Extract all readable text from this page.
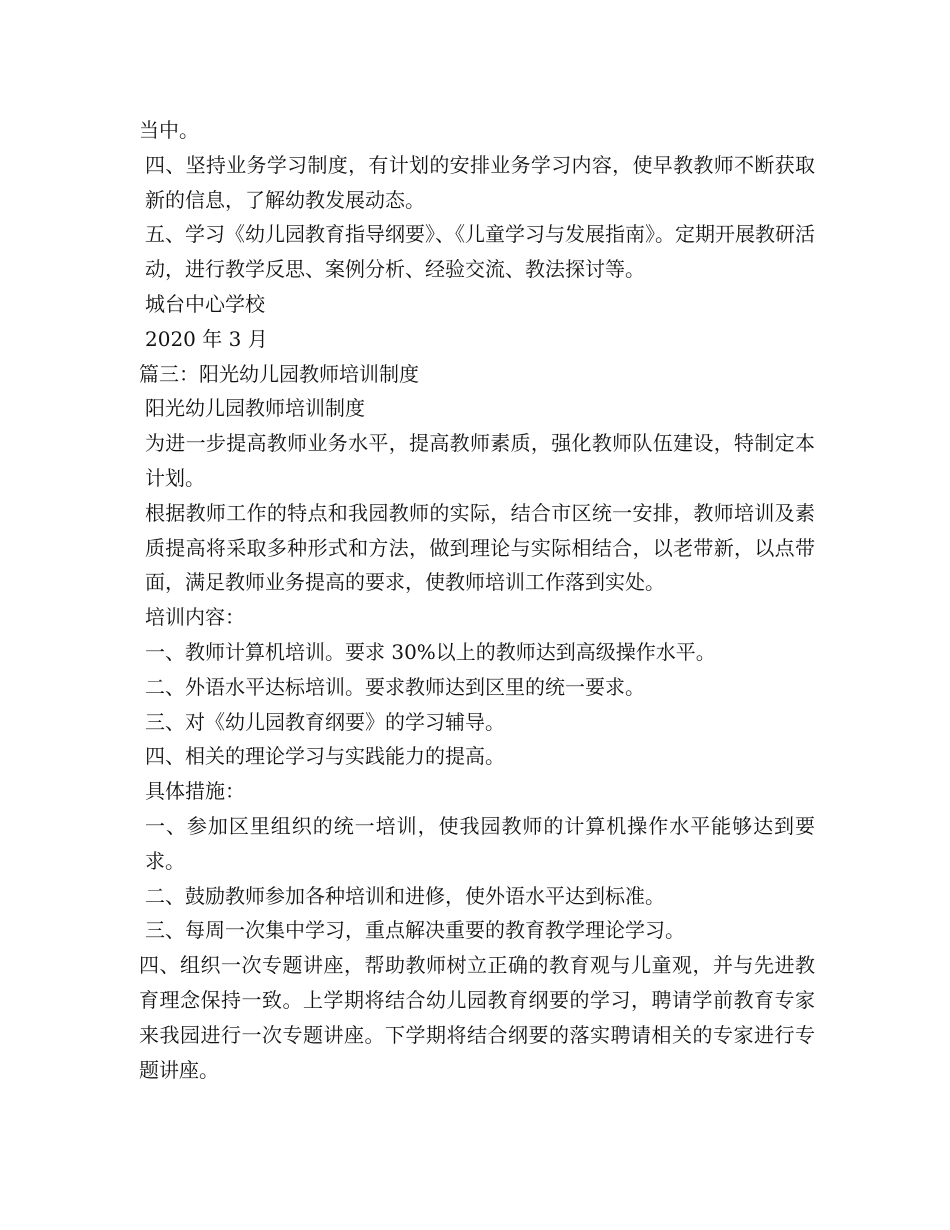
当中。

四、坚持业务学习制度，有计划的安排业务学习内容，使早教教师不断获取新的信息，了解幼教发展动态。

五、学习《幼儿园教育指导纲要》、《儿童学习与发展指南》。定期开展教研活动，进行教学反思、案例分析、经验交流、教法探讨等。

城台中心学校

2020 年 3 月

篇三：阳光幼儿园教师培训制度

阳光幼儿园教师培训制度

为进一步提高教师业务水平，提高教师素质，强化教师队伍建设，特制定本计划。

根据教师工作的特点和我园教师的实际，结合市区统一安排，教师培训及素质提高将采取多种形式和方法，做到理论与实际相结合，以老带新，以点带面，满足教师业务提高的要求，使教师培训工作落到实处。

培训内容：

一、教师计算机培训。要求 30%以上的教师达到高级操作水平。

二、外语水平达标培训。要求教师达到区里的统一要求。

三、对《幼儿园教育纲要》的学习辅导。

四、相关的理论学习与实践能力的提高。

具体措施：

一、参加区里组织的统一培训，使我园教师的计算机操作水平能够达到要求。

二、鼓励教师参加各种培训和进修，使外语水平达到标准。

三、每周一次集中学习，重点解决重要的教育教学理论学习。

四、组织一次专题讲座，帮助教师树立正确的教育观与儿童观，并与先进教育理念保持一致。上学期将结合幼儿园教育纲要的学习，聘请学前教育专家来我园进行一次专题讲座。下学期将结合纲要的落实聘请相关的专家进行专题讲座。
